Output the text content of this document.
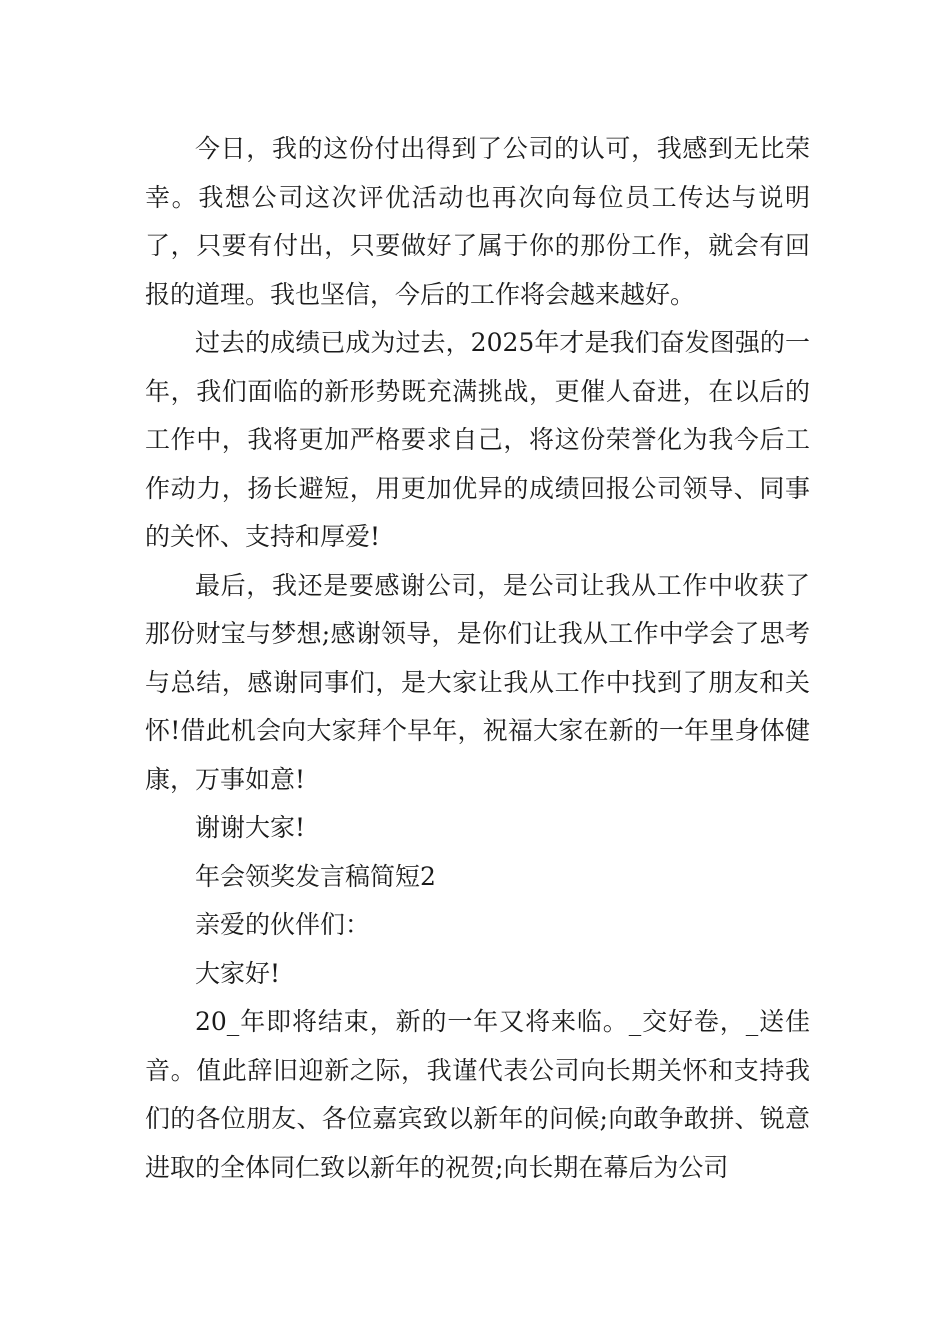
今日，我的这份付出得到了公司的认可，我感到无比荣幸。我想公司这次评优活动也再次向每位员工传达与说明了，只要有付出，只要做好了属于你的那份工作，就会有回报的道理。我也坚信，今后的工作将会越来越好。

过去的成绩已成为过去，2025年才是我们奋发图强的一年，我们面临的新形势既充满挑战，更催人奋进，在以后的工作中，我将更加严格要求自己，将这份荣誉化为我今后工作动力，扬长避短，用更加优异的成绩回报公司领导、同事的关怀、支持和厚爱!

最后，我还是要感谢公司，是公司让我从工作中收获了那份财宝与梦想;感谢领导，是你们让我从工作中学会了思考与总结，感谢同事们，是大家让我从工作中找到了朋友和关怀!借此机会向大家拜个早年，祝福大家在新的一年里身体健康，万事如意!

谢谢大家!

年会领奖发言稿简短2

亲爱的伙伴们：

大家好!

20_年即将结束，新的一年又将来临。_交好卷，_送佳音。值此辞旧迎新之际，我谨代表公司向长期关怀和支持我们的各位朋友、各位嘉宾致以新年的问候;向敢争敢拼、锐意进取的全体同仁致以新年的祝贺;向长期在幕后为公司
